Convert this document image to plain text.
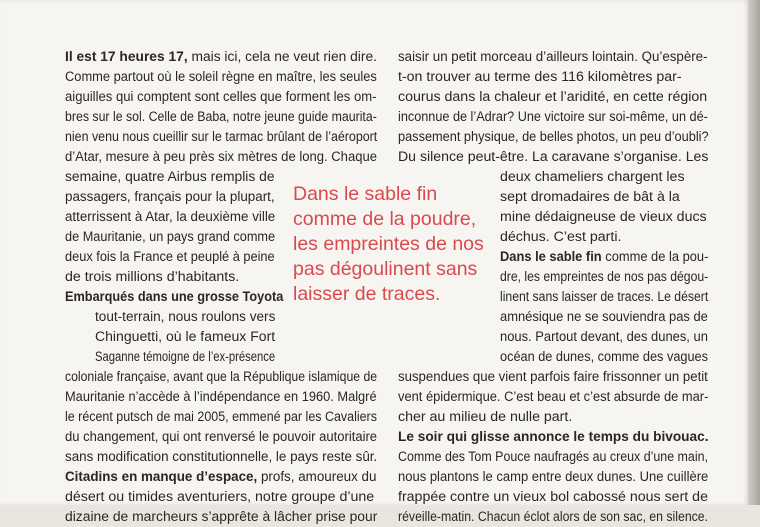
Il est 17 heures 17, mais ici, cela ne veut rien dire.
Comme partout où le soleil règne en maître, les seules
aiguilles qui comptent sont celles que forment les om-
bres sur le sol. Celle de Baba, notre jeune guide maurita-
nien venu nous cueillir sur le tarmac brûlant de l’aéroport
d’Atar, mesure à peu près six mètres de long. Chaque
semaine, quatre Airbus remplis de
passagers, français pour la plupart,
atterrissent à Atar, la deuxième ville
de Mauritanie, un pays grand comme
deux fois la France et peuplé à peine
de trois millions d’habitants.
Embarqués dans une grosse Toyota
tout-terrain, nous roulons vers
Chinguetti, où le fameux Fort
Saganne témoigne de l’ex-présence
coloniale française, avant que la République islamique de
Mauritanie n’accède à l’indépendance en 1960. Malgré
le récent putsch de mai 2005, emmené par les Cavaliers
du changement, qui ont renversé le pouvoir autoritaire
sans modification constitutionnelle, le pays reste sûr.
Citadins en manque d’espace, profs, amoureux du
désert ou timides aventuriers, notre groupe d’une
dizaine de marcheurs s’apprête à lâcher prise pour
saisir un petit morceau d’ailleurs lointain. Qu’espère-
t-on trouver au terme des 116 kilomètres par-
courus dans la chaleur et l’aridité, en cette région
inconnue de l’Adrar? Une victoire sur soi-même, un dé-
passement physique, de belles photos, un peu d’oubli?
Du silence peut-être. La caravane s’organise. Les
deux chameliers chargent les
sept dromadaires de bât à la
mine dédaigneuse de vieux ducs
déchus. C’est parti.
Dans le sable fin comme de la pou-
dre, les empreintes de nos pas dégou-
linent sans laisser de traces. Le désert
amnésique ne se souviendra pas de
nous. Partout devant, des dunes, un
océan de dunes, comme des vagues
suspendues que vient parfois faire frissonner un petit
vent épidermique. C’est beau et c’est absurde de mar-
cher au milieu de nulle part.
Le soir qui glisse annonce le temps du bivouac.
Comme des Tom Pouce naufragés au creux d’une main,
nous plantons le camp entre deux dunes. Une cuillère
frappée contre un vieux bol cabossé nous sert de
réveille-matin. Chacun éclot alors de son sac, en silence.
Dans le sable fin
comme de la poudre,
les empreintes de nos
pas dégoulinent sans
laisser de traces.
